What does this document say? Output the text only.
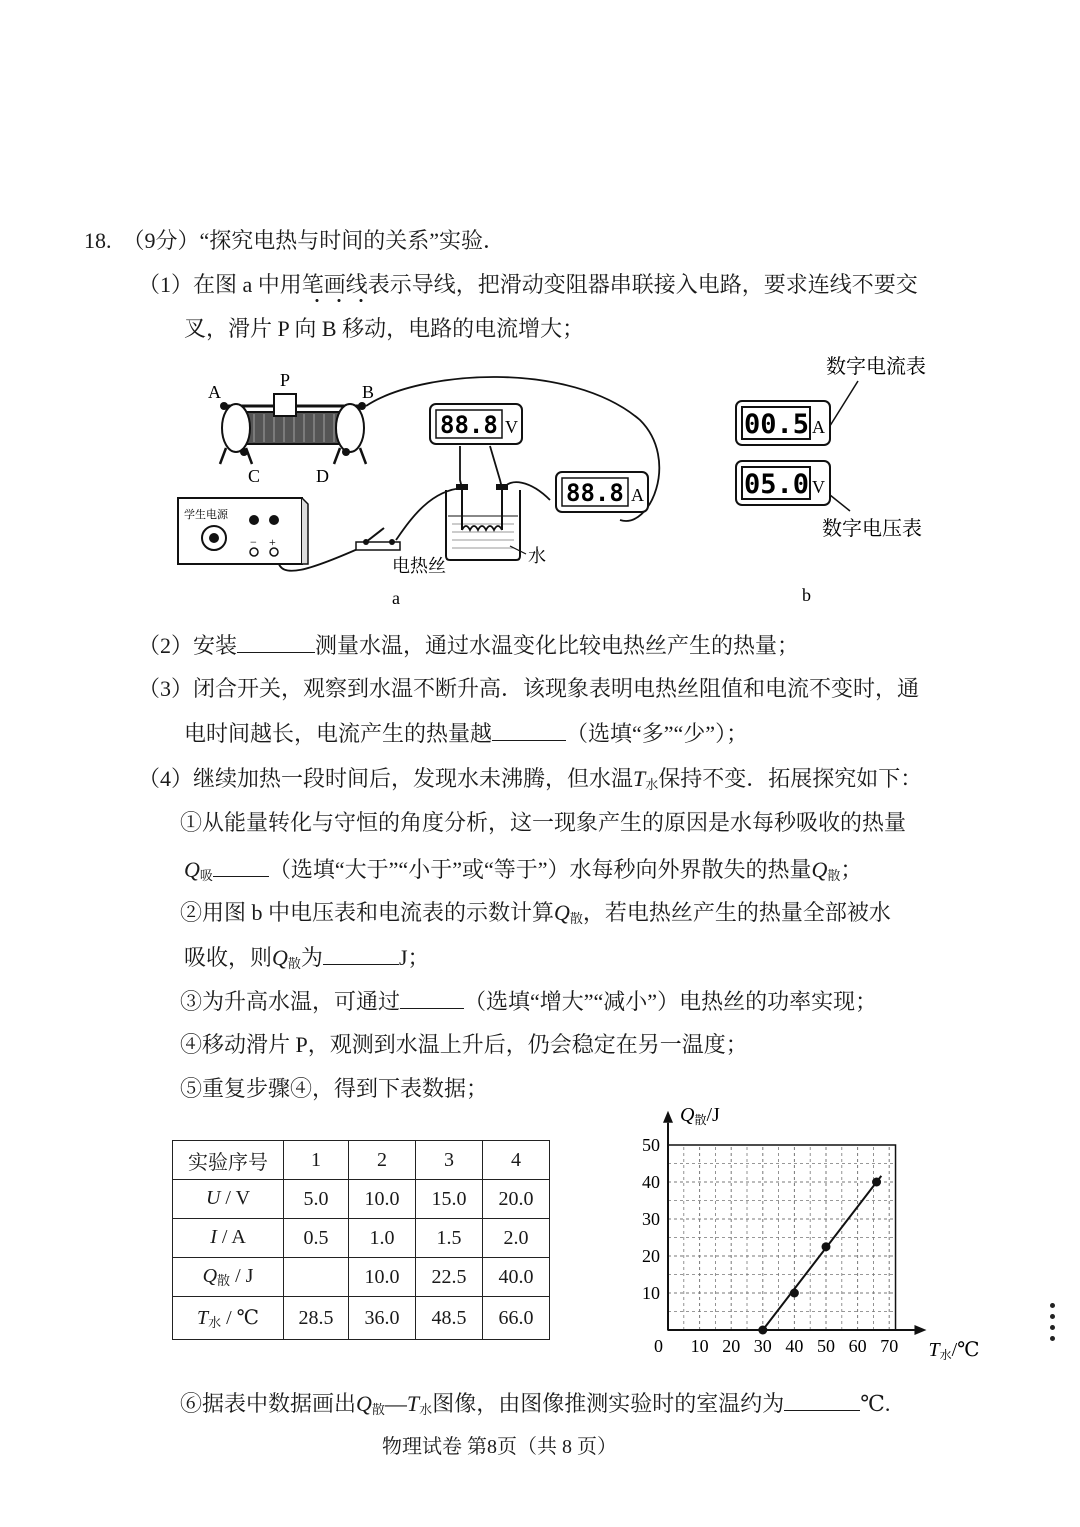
18. （9分）“探究电热与时间的关系”实验．
（1）在图 a 中用笔画线表示导线，把滑动变阻器串联接入电路，要求连线不要交
叉，滑片 P 向 B 移动，电路的电流增大；
A
P
B
C	D
88.8 V
88.8 A
电热丝	水
学生电源
− +
a
数字电流表
00.5 A
05.0 V
数字电压表
b
（2）安装	测量水温，通过水温变化比较电热丝产生的热量；
（3）闭合开关，观察到水温不断升高．该现象表明电热丝阻值和电流不变时，通
电时间越长，电流产生的热量越	（选填“多”“少”）；
（4）继续加热一段时间后，发现水未沸腾，但水温$T_水$保持不变．拓展探究如下：
①从能量转化与守恒的角度分析，这一现象产生的原因是水每秒吸收的热量
$Q_吸$	（选填“大于”“小于”或“等于”）水每秒向外界散失的热量$Q_散$；
②用图 b 中电压表和电流表的示数计算$Q_散$，若电热丝产生的热量全部被水
吸收，则$Q_散$为	J；
③为升高水温，可通过	（选填“增大”“减小”）电热丝的功率实现；
④移动滑片 P，观测到水温上升后，仍会稳定在另一温度；
⑤重复步骤④，得到下表数据；
实验序号	1	2	3	4
U / V	5.0	10.0	15.0	20.0
I / A	0.5	1.0	1.5	2.0
$Q_散$ / J		10.0	22.5	40.0
$T_水$ / ℃	28.5	36.0	48.5	66.0
10 20 30 40 50 60 70
10
20
30
40
50
Q散/J
T水/℃
0
⑥据表中数据画出$Q_散—T_水$图像，由图像推测实验时的室温约为	℃.
物理试卷 第8页（共 8 页）
